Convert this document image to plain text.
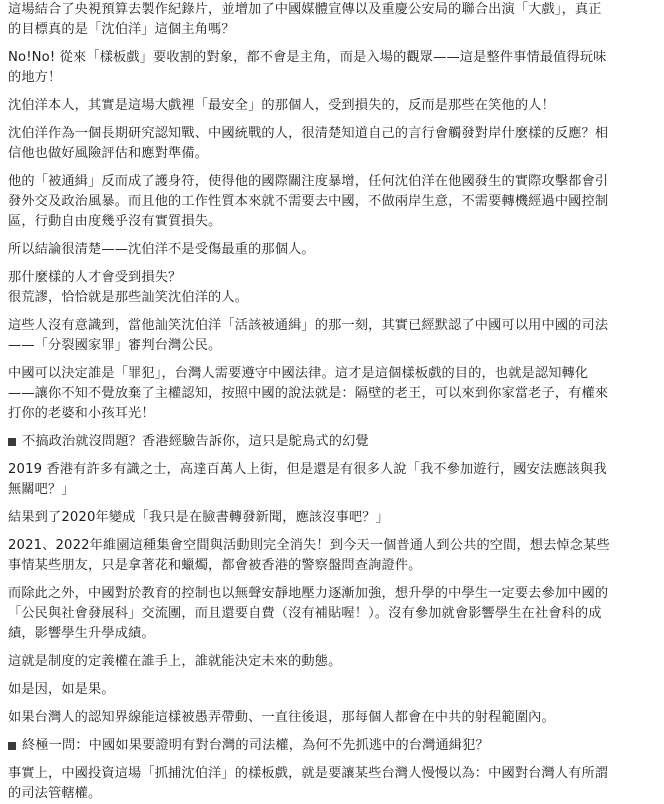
這場結合了央視預算去製作紀錄片，並增加了中國媒體宣傳以及重慶公安局的聯合出演「大戲」，真正
的目標真的是「沈伯洋」這個主角嗎？
No!No! 從來「樣板戲」要收割的對象，都不會是主角，而是入場的觀眾——這是整件事情最值得玩味
的地方！
沈伯洋本人，其實是這場大戲裡「最安全」的那個人，受到損失的，反而是那些在笑他的人！
沈伯洋作為一個長期研究認知戰、中國統戰的人，很清楚知道自己的言行會觸發對岸什麼樣的反應？相
信他也做好風險評估和應對準備。
他的「被通緝」反而成了護身符，使得他的國際關注度暴增，任何沈伯洋在他國發生的實際攻擊都會引
發外交及政治風暴。而且他的工作性質本來就不需要去中國，不做兩岸生意，不需要轉機經過中國控制
區，行動自由度幾乎沒有實質損失。
所以結論很清楚——沈伯洋不是受傷最重的那個人。
那什麼樣的人才會受到損失？
很荒謬，恰恰就是那些訕笑沈伯洋的人。
這些人沒有意識到，當他訕笑沈伯洋「活該被通緝」的那一刻，其實已經默認了中國可以用中國的司法
——「分裂國家罪」審判台灣公民。
中國可以決定誰是「罪犯」，台灣人需要遵守中國法律。這才是這個樣板戲的目的，也就是認知轉化
——讓你不知不覺放棄了主權認知，按照中國的說法就是：隔壁的老王，可以來到你家當老子，有權來
打你的老婆和小孩耳光！
不搞政治就沒問題？香港經驗告訴你，這只是鴕鳥式的幻覺
2019 香港有許多有識之士，高達百萬人上街，但是還是有很多人說「我不參加遊行，國安法應該與我
無關吧？」
結果到了2020年變成「我只是在臉書轉發新聞，應該沒事吧？」
2021、2022年維園這種集會空間與活動則完全消失！到今天一個普通人到公共的空間，想去悼念某些
事情某些朋友，只是拿著花和蠟燭，都會被香港的警察盤問查詢證件。
而除此之外，中國對於教育的控制也以無聲安靜地壓力逐漸加強，想升學的中學生一定要去參加中國的
「公民與社會發展科」交流團，而且還要自費（沒有補貼喔！）。沒有參加就會影響學生在社會科的成
績，影響學生升學成績。
這就是制度的定義權在誰手上，誰就能決定未來的動態。
如是因，如是果。
如果台灣人的認知界線能這樣被愚弄帶動、一直往後退，那每個人都會在中共的射程範圍內。
終極一問：中國如果要證明有對台灣的司法權，為何不先抓逃中的台灣通緝犯？
事實上，中國投資這場「抓捕沈伯洋」的樣板戲，就是要讓某些台灣人慢慢以為：中國對台灣人有所謂
的司法管轄權。
